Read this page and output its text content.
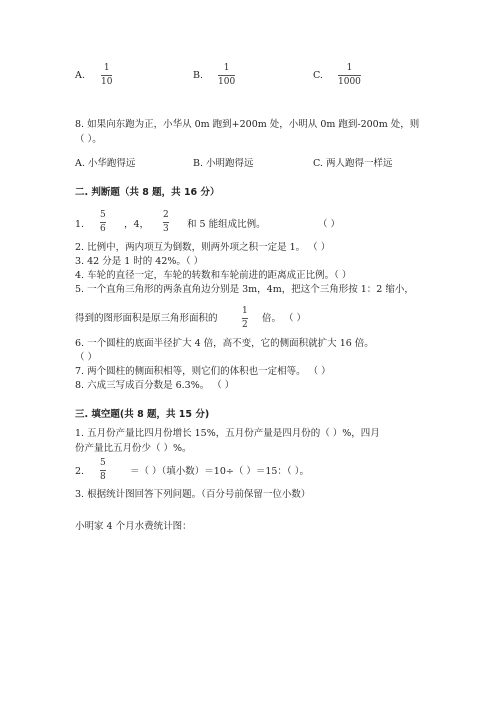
A.
1
10
B.
1
100
C.
1
1000
8. 如果向东跑为正，小华从 0m 跑到+200m 处，小明从 0m 跑到-200m 处，则
（ ）。
A. 小华跑得远	B. 小明跑得远	C. 两人跑得一样远
二. 判断题（共 8 题，共 16 分）
1.
5
6 ，4，
2
3 和 5 能组成比例。	（ ）
2. 比例中，两内项互为倒数，则两外项之积一定是 1。 （ ）
3. 42 分是 1 时的 42%。（ ）
4. 车轮的直径一定，车轮的转数和车轮前进的距离成正比例。（ ）
5. 一个直角三角形的两条直角边分别是 3m，4m，把这个三角形按 1：2 缩小，
得到的图形面积是原三角形面积的
1
2
倍。 （ ）
6. 一个圆柱的底面半径扩大 4 倍，高不变，它的侧面积就扩大 16 倍。
（ ）
7. 两个圆柱的侧面积相等，则它们的体积也一定相等。 （ ）
8. 六成三写成百分数是 6.3%。 （ ）
三. 填空题(共 8 题，共 15 分)
1. 五月份产量比四月份增长 15%，五月份产量是四月份的（ ）%，四月
份产量比五月份少（ ）%。
2.
5
8	＝（ ）（填小数）＝10÷（ ）＝15：（ ）。
3. 根据统计图回答下列问题。（百分号前保留一位小数）
小明家 4 个月水费统计图：
